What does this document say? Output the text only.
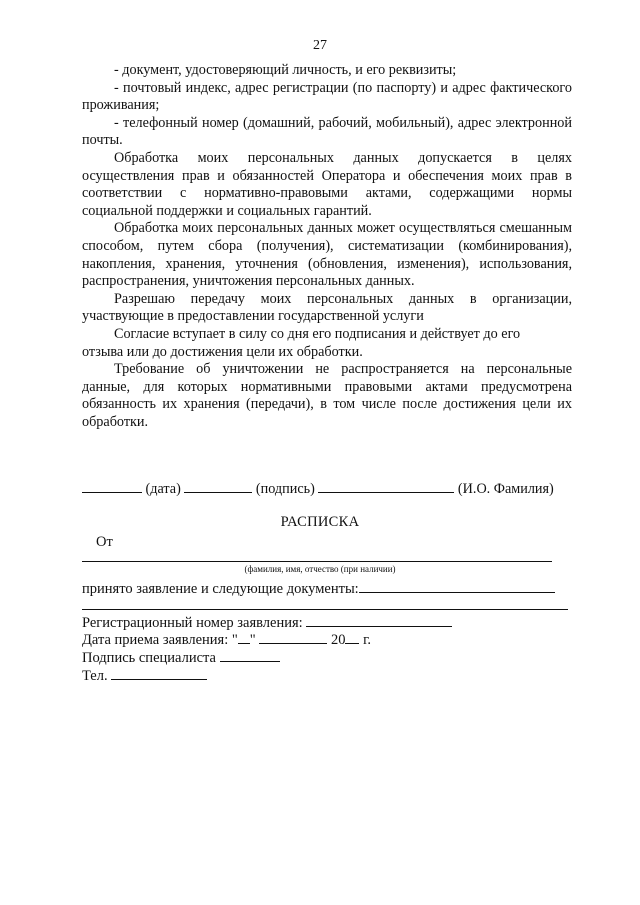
27

- документ, удостоверяющий личность, и его реквизиты;

- почтовый индекс, адрес регистрации (по паспорту) и адрес фактического проживания;

- телефонный номер (домашний, рабочий, мобильный), адрес электронной почты.

Обработка моих персональных данных допускается в целях осуществления прав и обязанностей Оператора и обеспечения моих прав в соответствии с нормативно-правовыми актами, содержащими нормы социальной поддержки и социальных гарантий.

Обработка моих персональных данных может осуществляться смешанным способом, путем сбора (получения), систематизации (комбинирования), накопления, хранения, уточнения (обновления, изменения), использования, распространения, уничтожения персональных данных.

Разрешаю передачу моих персональных данных в организации, участвующие в предоставлении государственной услуги

Согласие вступает в силу со дня его подписания и действует до его

отзыва или до достижения цели их обработки.

Требование об уничтожении не распространяется на персональные данные, для которых нормативными правовыми актами предусмотрена обязанность их хранения (передачи), в том числе после достижения цели их обработки.

(дата)	(подпись)	(И.О. Фамилия)
РАСПИСКА
От
(фамилия, имя, отчество (при наличии)
принято заявление и следующие документы:
Регистрационный номер заявления:
Дата приема заявления: " "	20 г.
Подпись специалиста
Тел.
